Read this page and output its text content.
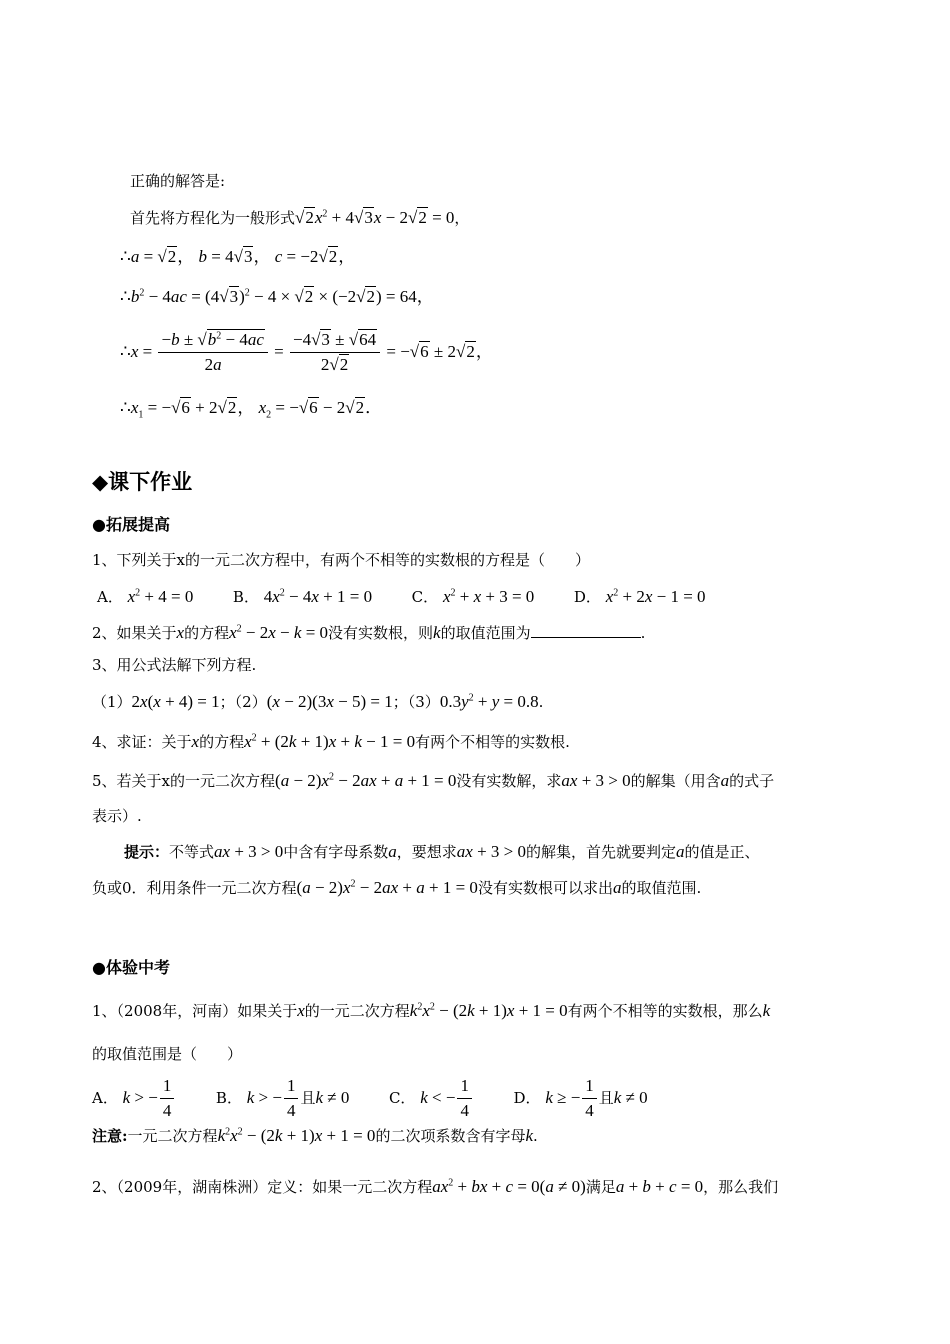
正确的解答是:
首先将方程化为一般形式$√2x^2 + 4√3x - 2√2 = 0$，
∴a = √2， b = 4√3， c = −2√2，
$\therefore b^2 - 4ac = (4√3)^2 - 4 \times √2 \times (-2√2) = 64$，
∴x = $\frac{-b \pm √b^2 - 4ac}{2a} = \frac{-4√3 \pm √64}{2√2} = -√6 \pm 2√2$，
$\therefore x_1 = -√6 + 2√2$， $x_2 = -√6 - 2√2$．
◆课下作业
●拓展提高
1、下列关于x的一元二次方程中，有两个不相等的实数根的方程是（　　）
A． $x^2 + 4 = 0$	B． $4x^2 - 4x + 1 = 0$	C． $x^2 + x + 3 = 0$	D． $x^2 + 2x - 1 = 0$
2、如果关于x的方程$x^2 - 2x - k = 0$没有实数根，则k的取值范围为	.
3、用公式法解下列方程.
（1）2x(x + 4) = 1；（2）(x − 2)(3x − 5) = 1；$(3)0.3y^2 + y = 0.8$.
4、求证：关于x的方程$x^2 + (2k + 1)x + k - 1 = 0$有两个不相等的实数根.
5、若关于x的一元二次方程$(a - 2)x^2 - 2ax + a + 1 = 0$没有实数解，求ax + 3 > 0的解集（用含a的式子
表示）.
提示：不等式ax + 3 > 0中含有字母系数a，要想求ax + 3 > 0的解集，首先就要判定a的值是正、
负或0．利用条件一元二次方程$(a - 2)x^2 - 2ax + a + 1 = 0$没有实数根可以求出a的取值范围.
●体验中考
1、（2008年，河南）如果关于x的一元二次方程$k^2x^2 - (2k + 1)x + 1 = 0$有两个不相等的实数根，那么k
的取值范围是（　　）
A． k > − $\frac{1}{4}$	B． k > − $\frac{1}{4}$ 且k ≠ 0	C． k < − $\frac{1}{4}$	D． k ≥ − $\frac{1}{4}$ 且k ≠ 0
注意:一元二次方程$k^2x^2 - (2k + 1)x + 1 = 0$的二次项系数含有字母k.
2、（2009年，湖南株洲）定义：如果一元二次方程$ax^2$ + bx + c = 0(a ≠ 0)满足a + b + c = 0，那么我们
